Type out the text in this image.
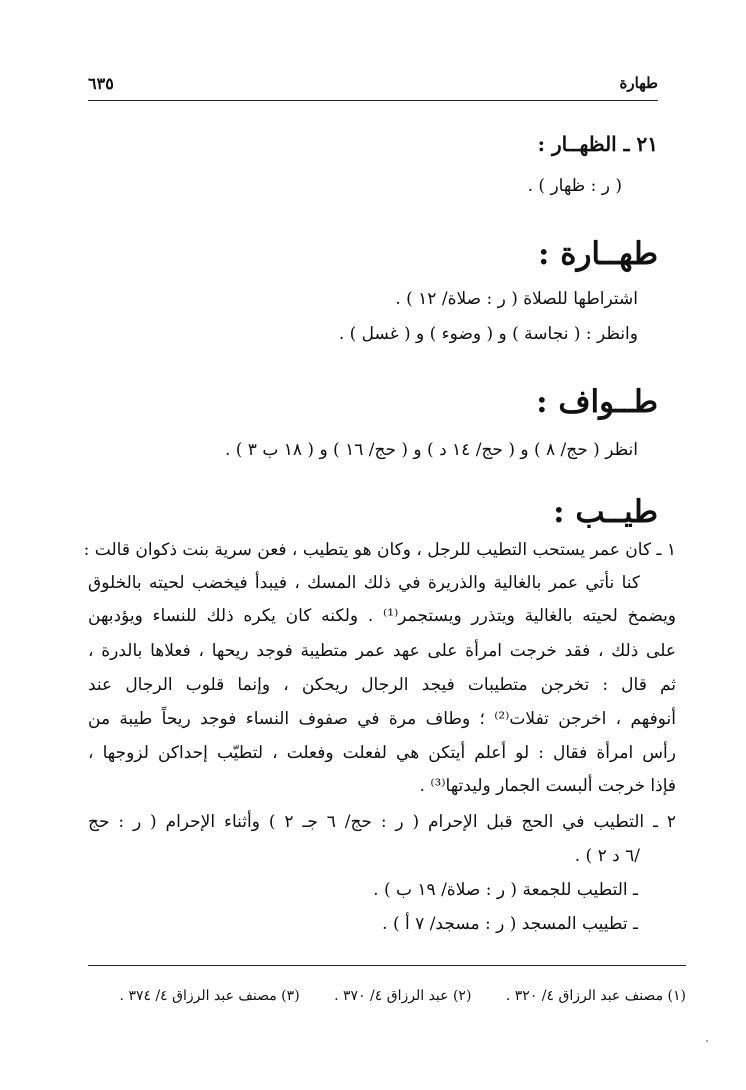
طهارة
٦٣٥
٢١ ـ الظهــار :
( ر : ظهار ) .
طهــارة :
اشتراطها للصلاة ( ر : صلاة/ ١٢ ) .
وانظر : ( نجاسة ) و ( وضوء ) و ( غسل ) .
طــواف :
انظر ( حج/ ٨ ) و ( حج/ ١٤ د ) و ( حج/ ١٦ ) و ( ١٨ ب ٣ ) .
طيــب :
١ ـ كان عمر يستحب التطيب للرجل ، وكان هو يتطيب ، فعن سرية بنت ذكوان قالت :
كنا نأتي عمر بالغالية والذريرة في ذلك المسك ، فيبدأ فيخضب لحيته بالخلوق
ويضمخ لحيته بالغالية ويتذرر ويستجمر⁽¹⁾ . ولكنه كان يكره ذلك للنساء ويؤدبهن
على ذلك ، فقد خرجت امرأة على عهد عمر متطيبة فوجد ريحها ، فعلاها بالدرة ،
ثم قال : تخرجن متطيبات فيجد الرجال ريحكن ، وإنما قلوب الرجال عند
أنوفهم ، اخرجن تفلات⁽²⁾ ؛ وطاف مرة في صفوف النساء فوجد ريحاً طيبة من
رأس امرأة فقال : لو أعلم أيتكن هي لفعلت وفعلت ، لتطيّب إحداكن لزوجها ،
فإذا خرجت ألبست الجمار وليدتها⁽³⁾ .
٢ ـ التطيب في الحج قبل الإحرام ( ر : حج/ ٦ جـ ٢ ) وأثناء الإحرام ( ر : حج
/٦ د ٢ ) .
ـ التطيب للجمعة ( ر : صلاة/ ١٩ ب ) .
ـ تطييب المسجد ( ر : مسجد/ ٧ أ ) .
(١) مصنف عبد الرزاق ٤/ ٣٢٠ . (٢) عبد الرزاق ٤/ ٣٧٠ . (٣) مصنف عبد الرزاق ٤/ ٣٧٤ .
